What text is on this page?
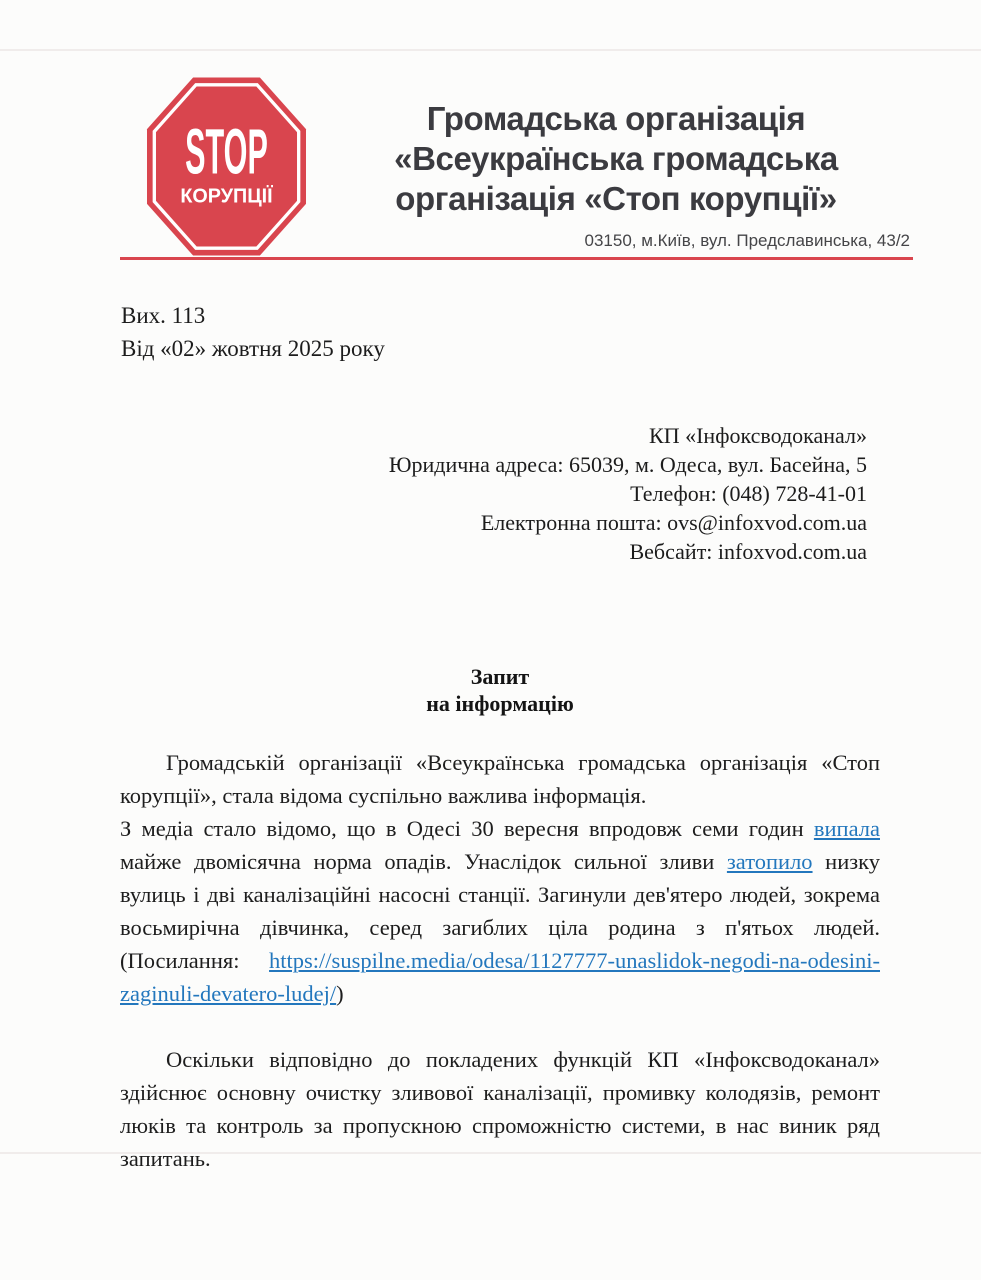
STOP
КОРУПЦІЇ
Громадська організація
«Всеукраїнська громадська
організація «Стоп корупції»
03150, м.Київ, вул. Предславинська, 43/2
Вих. 113
Від «02» жовтня 2025 року
КП «Інфоксводоканал»
Юридична адреса: 65039, м. Одеса, вул. Басейна, 5
Телефон: (048) 728-41-01
Електронна пошта: ovs@infoxvod.com.ua
Вебсайт: infoxvod.com.ua
Запит
на інформацію

Громадській організації «Всеукраїнська громадська організація «Стоп корупції», стала відома суспільно важлива інформація.

З медіа стало відомо, що в Одесі 30 вересня впродовж семи годин випала майже двомісячна норма опадів. Унаслідок сильної зливи затопило низку вулиць і дві каналізаційні насосні станції. Загинули дев'ятеро людей, зокрема восьмирічна дівчинка, серед загиблих ціла родина з п'ятьох людей. (Посилання: https://suspilne.media/odesa/1127777-unaslidok-negodi-na-odesini-zaginuli-devatero-ludej/)

Оскільки відповідно до покладених функцій КП «Інфоксводоканал» здійснює основну очистку зливової каналізації, промивку колодязів, ремонт люків та контроль за пропускною спроможністю системи, в нас виник ряд запитань.
